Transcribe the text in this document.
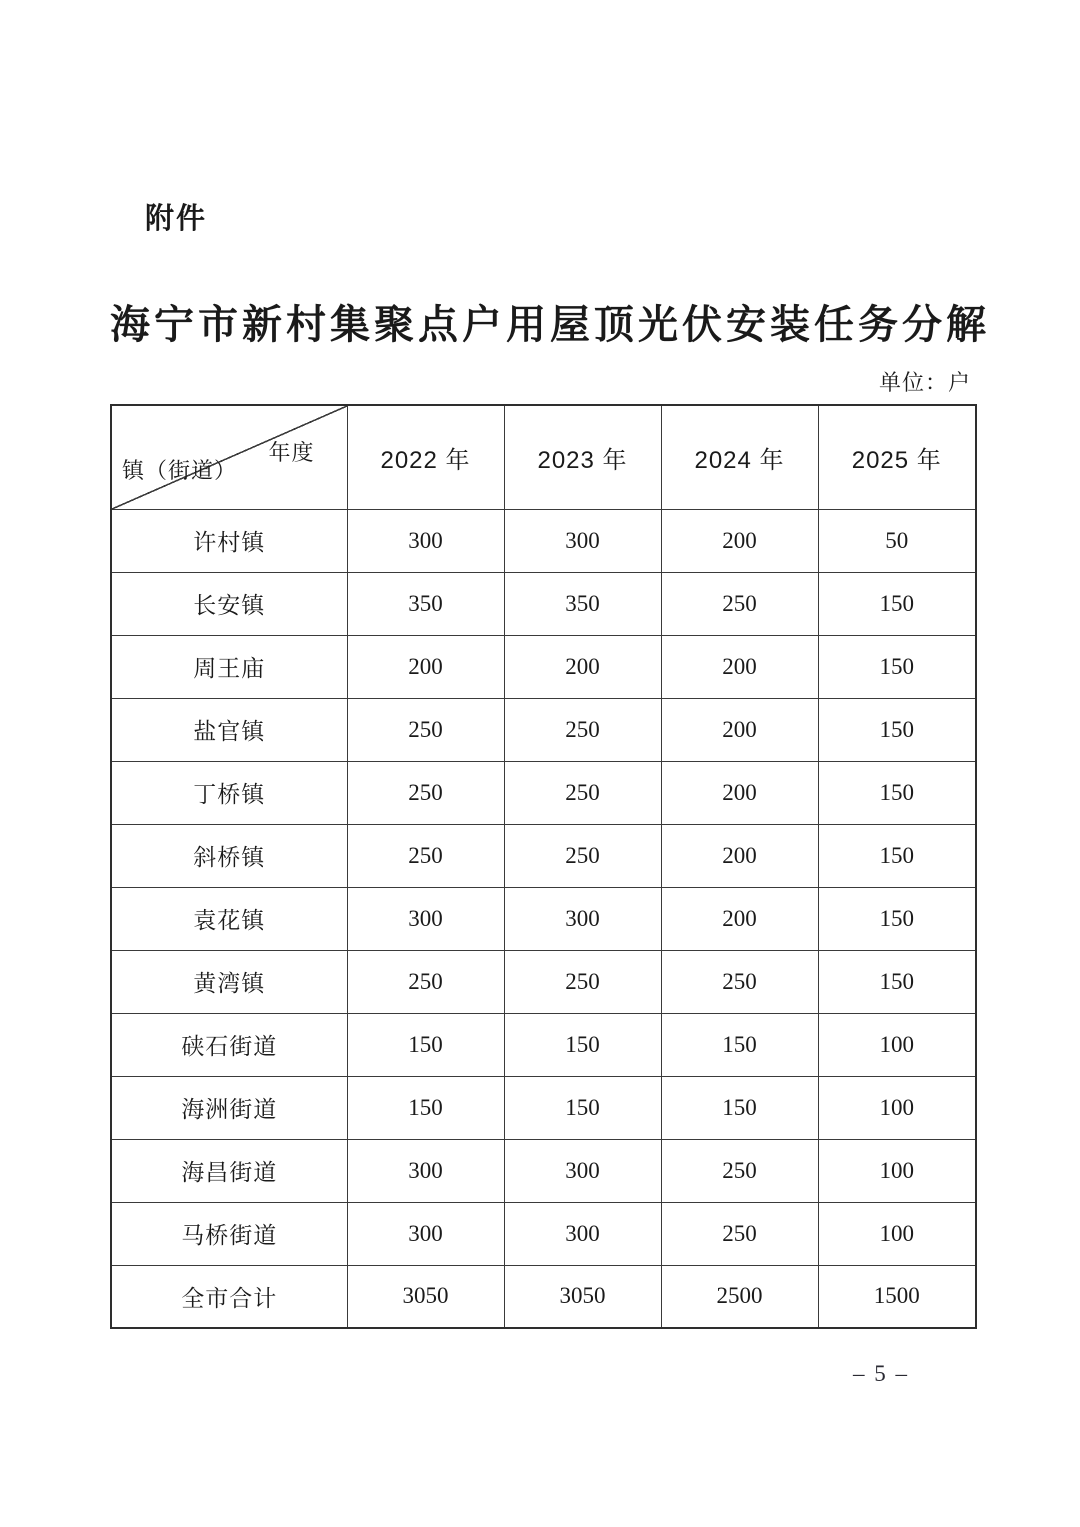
附件
海宁市新村集聚点户用屋顶光伏安装任务分解
单位：户
年度
镇（街道）	2022 年	2023 年	2024 年	2025 年
许村镇	300	300	200	50
长安镇	350	350	250	150
周王庙	200	200	200	150
盐官镇	250	250	200	150
丁桥镇	250	250	200	150
斜桥镇	250	250	200	150
袁花镇	300	300	200	150
黄湾镇	250	250	250	150
硖石街道	150	150	150	100
海洲街道	150	150	150	100
海昌街道	300	300	250	100
马桥街道	300	300	250	100
全市合计	3050	3050	2500	1500
– 5 –
